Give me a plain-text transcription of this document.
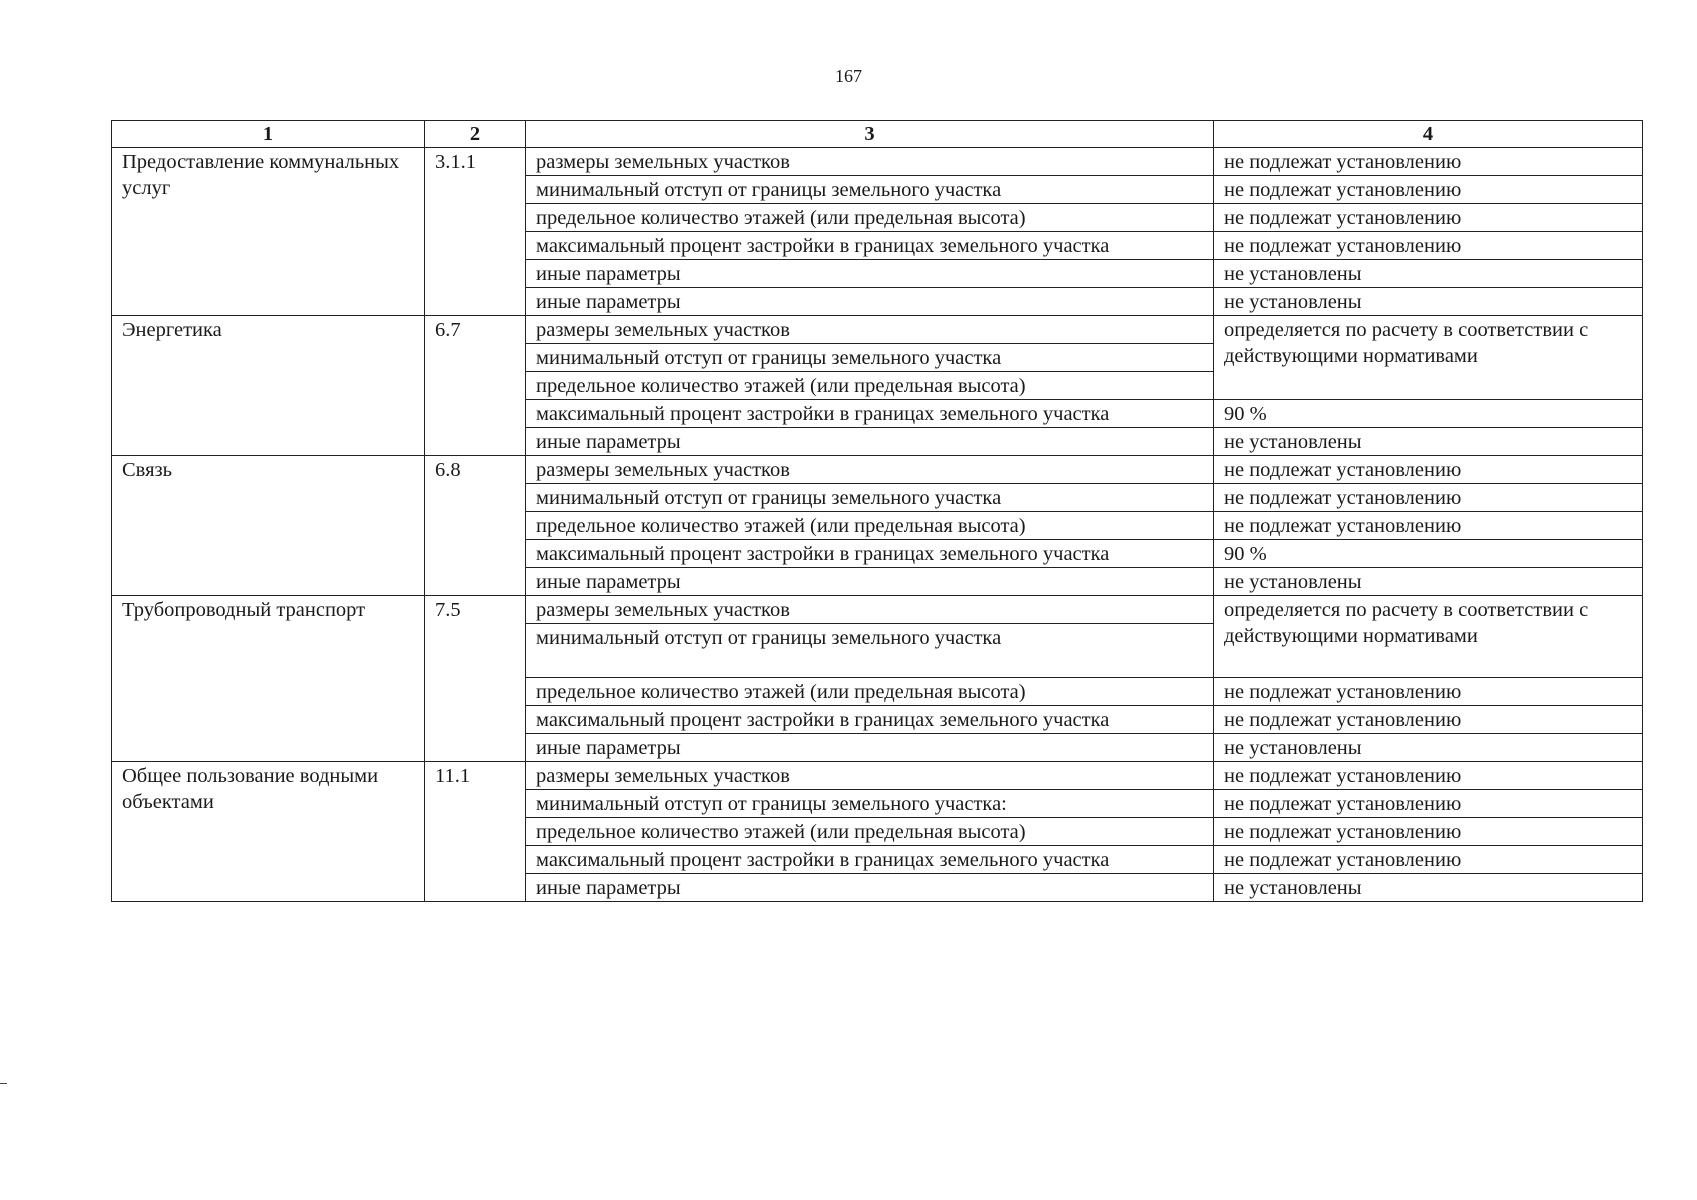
167
1	2	3	4
Предоставление коммунальных услуг	3.1.1	размеры земельных участков	не подлежат установлению
		минимальный отступ от границы земельного участка	не подлежат установлению
		предельное количество этажей (или предельная высота)	не подлежат установлению
		максимальный процент застройки в границах земельного участка	не подлежат установлению
		иные параметры	не установлены
		иные параметры	не установлены
Энергетика	6.7	размеры земельных участков	определяется по расчету в соответствии с действующими нормативами
		минимальный отступ от границы земельного участка	
		предельное количество этажей (или предельная высота)	
		максимальный процент застройки в границах земельного участка	90 %
		иные параметры	не установлены
Связь	6.8	размеры земельных участков	не подлежат установлению
		минимальный отступ от границы земельного участка	не подлежат установлению
		предельное количество этажей (или предельная высота)	не подлежат установлению
		максимальный процент застройки в границах земельного участка	90 %
		иные параметры	не установлены
Трубопроводный транспорт	7.5	размеры земельных участков	определяется по расчету в соответствии с действующими нормативами
		минимальный отступ от границы земельного участка	
		предельное количество этажей (или предельная высота)	не подлежат установлению
		максимальный процент застройки в границах земельного участка	не подлежат установлению
		иные параметры	не установлены
Общее пользование водными объектами	11.1	размеры земельных участков	не подлежат установлению
		минимальный отступ от границы земельного участка:	не подлежат установлению
		предельное количество этажей (или предельная высота)	не подлежат установлению
		максимальный процент застройки в границах земельного участка	не подлежат установлению
		иные параметры	не установлены
